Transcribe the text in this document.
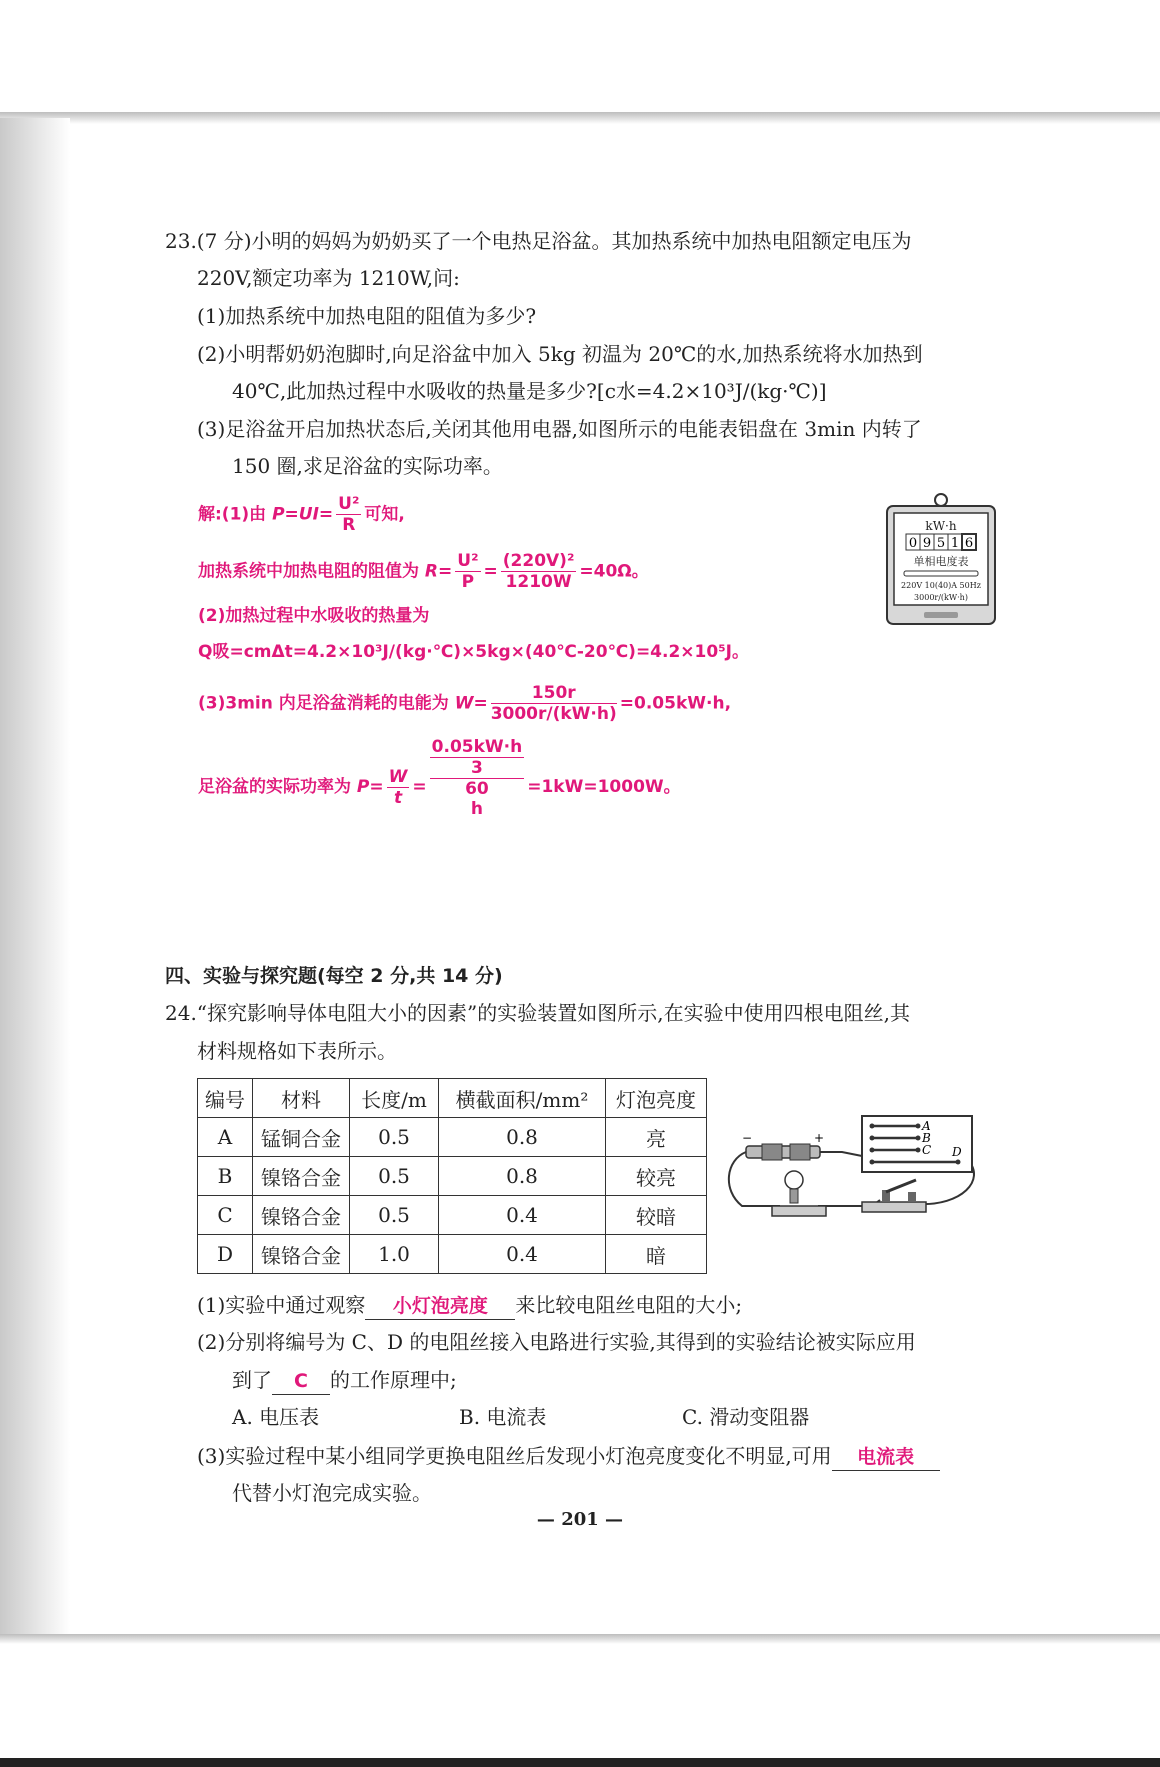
23.(7 分)小明的妈妈为奶奶买了一个电热足浴盆。其加热系统中加热电阻额定电压为
220V,额定功率为 1210W,问:
(1)加热系统中加热电阻的阻值为多少?
(2)小明帮奶奶泡脚时,向足浴盆中加入 5kg 初温为 20℃的水,加热系统将水加热到
40℃,此加热过程中水吸收的热量是多少?[c水=4.2×10³J/(kg·℃)]
(3)足浴盆开启加热状态后,关闭其他用电器,如图所示的电能表铝盘在 3min 内转了
150 圈,求足浴盆的实际功率。
解:(1)由 $P=UI= \frac{\text{U²}}{R}$ 可知,
加热系统中加热电阻的阻值为 $R= \frac{\text{U²}}{P} = \frac{\text{(220V)²}}{1210W} =40\Omega$。
(2)加热过程中水吸收的热量为
Q吸=cmΔt=4.2×10³J/(kg·℃)×5kg×(40℃-20℃)=4.2×10⁵J。
(3)3min 内足浴盆消耗的电能为 $W= \frac{150r}{3000r/(kW\cdot h)} =0.05kW\cdot h$,
足浴盆的实际功率为 $P= \frac{W}{t} = 0.05kW\cdot h$
3
60
h =1kW=1000W。
kW·h
0 9 5 1 6
单相电度表
220V 10(40)A 50Hz
3000r/(kW·h)
四、实验与探究题(每空 2 分,共 14 分)
24.“探究影响导体电阻大小的因素”的实验装置如图所示,在实验中使用四根电阻丝,其
材料规格如下表所示。
编号	材料	长度/m	横截面积/mm²	灯泡亮度
A	锰铜合金	0.5	0.8	亮
B	镍铬合金	0.5	0.8	较亮
C	镍铬合金	0.5	0.4	较暗
D	镍铬合金	1.0	0.4	暗
−	+
A
B
C D
(1)实验中通过观察 小灯泡亮度 来比较电阻丝电阻的大小;
(2)分别将编号为 C、D 的电阻丝接入电路进行实验,其得到的实验结论被实际应用
到了 C 的工作原理中;
A. 电压表	B. 电流表	C. 滑动变阻器
(3)实验过程中某小组同学更换电阻丝后发现小灯泡亮度变化不明显,可用 电流表
代替小灯泡完成实验。
— 201 —
